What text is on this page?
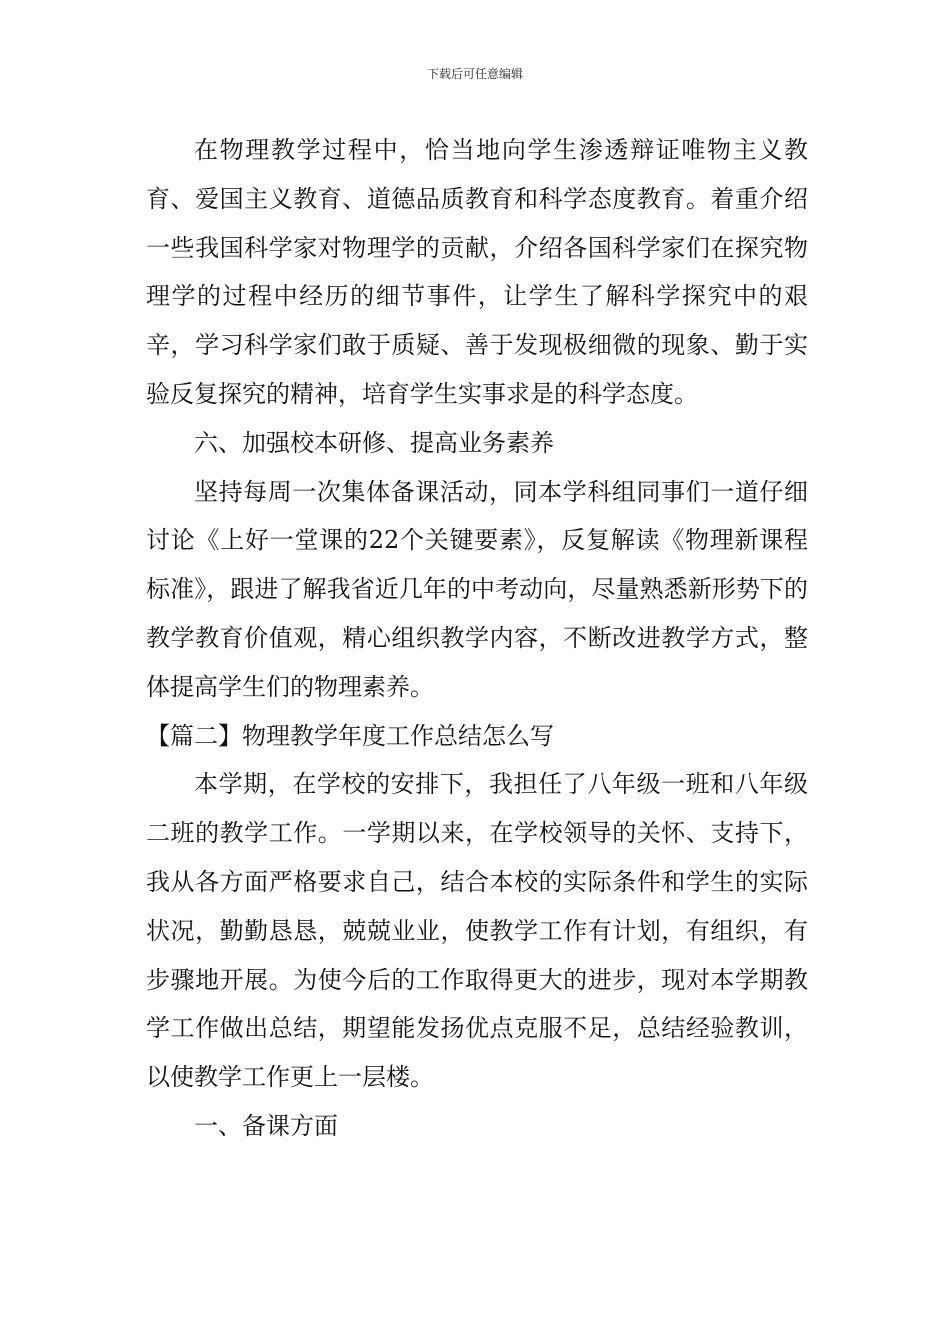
下载后可任意编辑

在物理教学过程中，恰当地向学生渗透辩证唯物主义教育、爱国主义教育、道德品质教育和科学态度教育。着重介绍一些我国科学家对物理学的贡献，介绍各国科学家们在探究物理学的过程中经历的细节事件，让学生了解科学探究中的艰辛，学习科学家们敢于质疑、善于发现极细微的现象、勤于实验反复探究的精神，培育学生实事求是的科学态度。

六、加强校本研修、提高业务素养

坚持每周一次集体备课活动，同本学科组同事们一道仔细讨论《上好一堂课的22个关键要素》，反复解读《物理新课程标准》，跟进了解我省近几年的中考动向，尽量熟悉新形势下的教学教育价值观，精心组织教学内容，不断改进教学方式，整体提高学生们的物理素养。

【篇二】物理教学年度工作总结怎么写

本学期，在学校的安排下，我担任了八年级一班和八年级二班的教学工作。一学期以来，在学校领导的关怀、支持下，我从各方面严格要求自己，结合本校的实际条件和学生的实际状况，勤勤恳恳，兢兢业业，使教学工作有计划，有组织，有步骤地开展。为使今后的工作取得更大的进步，现对本学期教学工作做出总结，期望能发扬优点克服不足，总结经验教训，以使教学工作更上一层楼。

一、备课方面
